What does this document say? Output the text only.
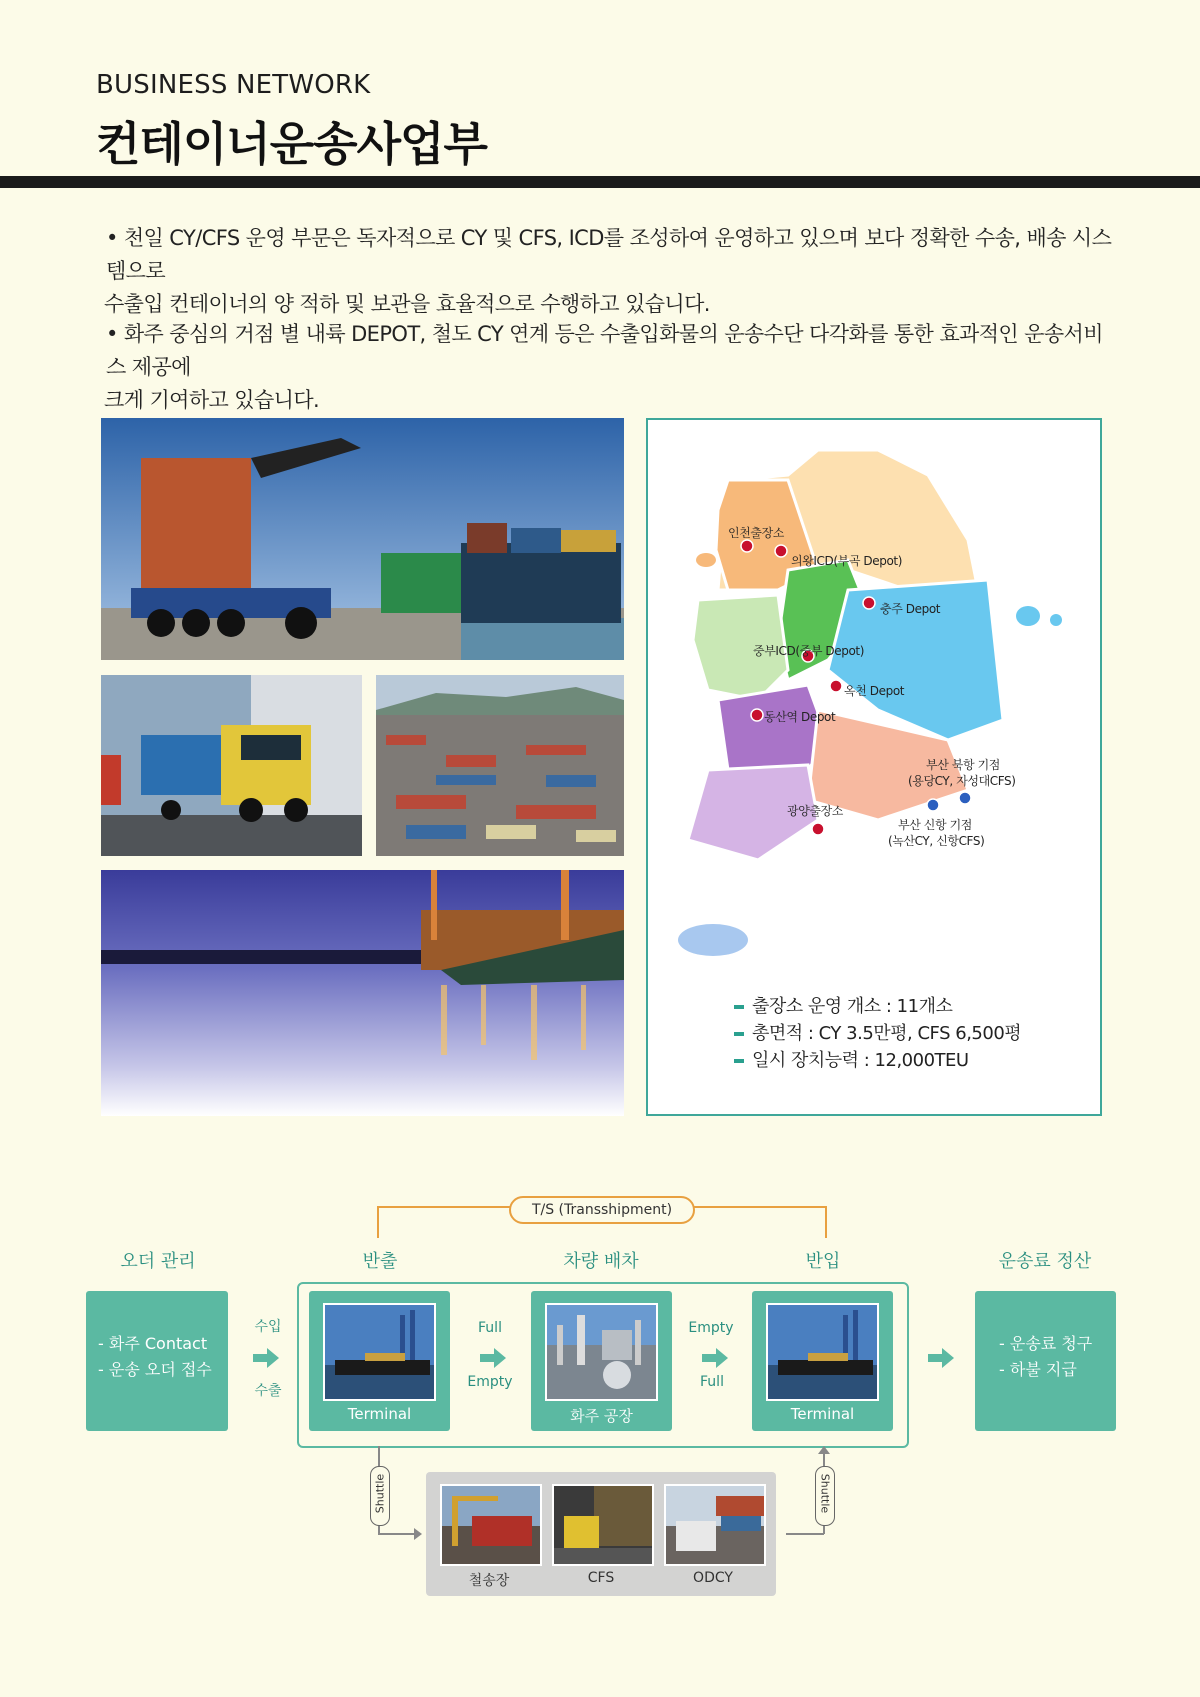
BUSINESS NETWORK
컨테이너운송사업부
• 천일 CY/CFS 운영 부문은 독자적으로 CY 및 CFS, ICD를 조성하여 운영하고 있으며 보다 정확한 수송, 배송 시스템으로
수출입 컨테이너의 양 적하 및 보관을 효율적으로 수행하고 있습니다.
• 화주 중심의 거점 별 내륙 DEPOT, 철도 CY 연계 등은 수출입화물의 운송수단 다각화를 통한 효과적인 운송서비스 제공에
크게 기여하고 있습니다.
인천출장소
의왕ICD(부곡 Depot)
충주 Depot
중부ICD(중부 Depot)
옥천 Depot
동산역 Depot
부산 북항 기점
(용당CY, 자성대CFS)
광양출장소
부산 신항 기점
(녹산CY, 신항CFS)
출장소 운영 개소 : 11개소
총면적 : CY 3.5만평, CFS 6,500평
일시 장치능력 : 12,000TEU
T/S (Transshipment)
오더 관리	반출	차량 배차	반입	운송료 정산
- 화주 Contact
- 운송 오더 접수
수입
수출
Terminal
Full
Empty
화주 공장
Empty
Full
Terminal
- 운송료 청구
- 하불 지급
Shuttle	Shuttle
철송장	CFS	ODCY
